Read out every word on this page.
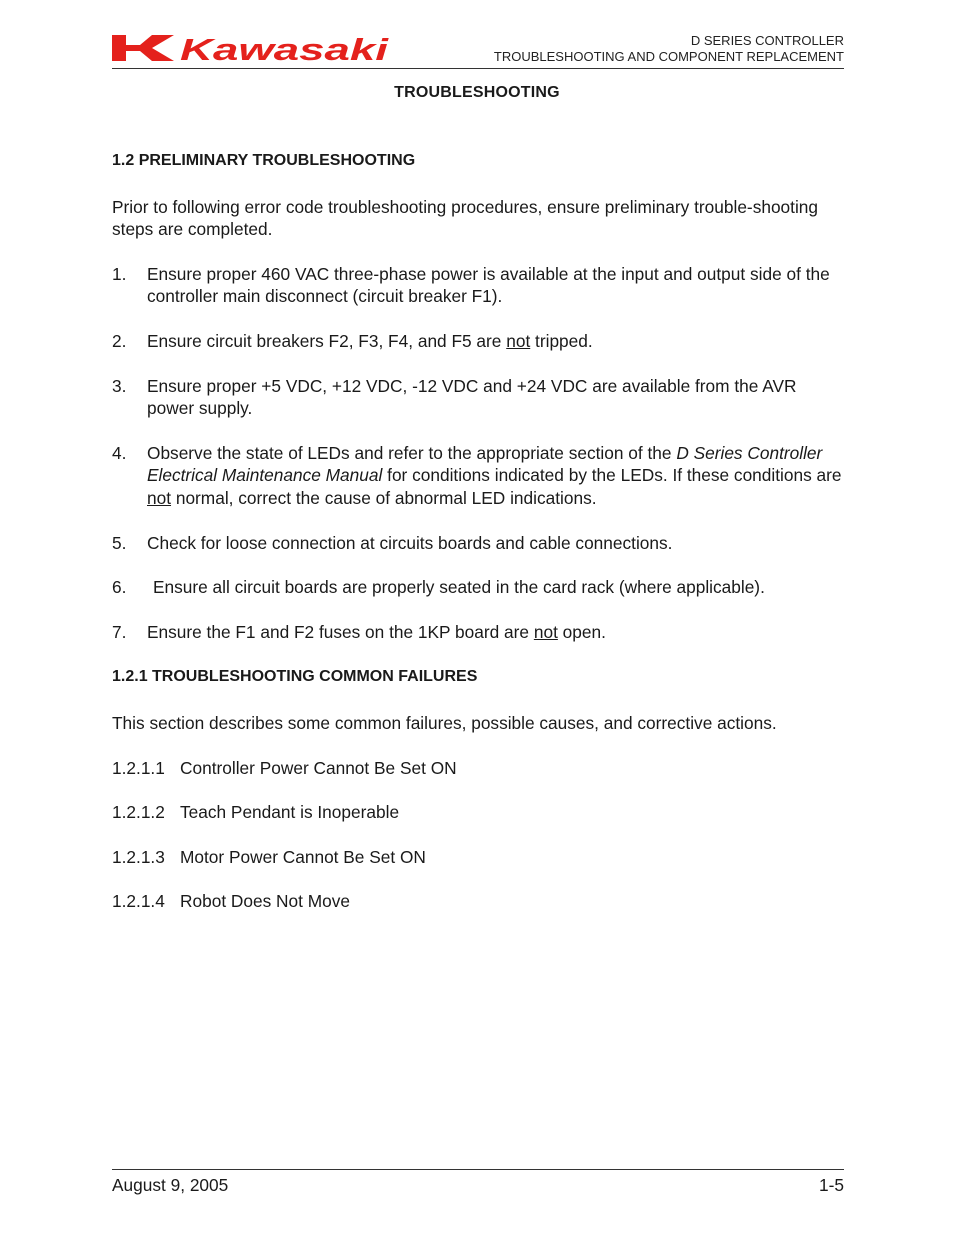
Kawasaki	D SERIES CONTROLLER
TROUBLESHOOTING AND COMPONENT REPLACEMENT
TROUBLESHOOTING
1.2 PRELIMINARY TROUBLESHOOTING

Prior to following error code troubleshooting procedures, ensure preliminary trouble-shooting steps are completed.

1. Ensure proper 460 VAC three-phase power is available at the input and output side of the controller main disconnect (circuit breaker F1).
2. Ensure circuit breakers F2, F3, F4, and F5 are not tripped.
3. Ensure proper +5 VDC, +12 VDC, -12 VDC and +24 VDC are available from the AVR power supply.
4. Observe the state of LEDs and refer to the appropriate section of the D Series Controller Electrical Maintenance Manual for conditions indicated by the LEDs. If these conditions are not normal, correct the cause of abnormal LED indications.
5. Check for loose connection at circuits boards and cable connections.
6. Ensure all circuit boards are properly seated in the card rack (where applicable).
7. Ensure the F1 and F2 fuses on the 1KP board are not open.
1.2.1 TROUBLESHOOTING COMMON FAILURES

This section describes some common failures, possible causes, and corrective actions.

1.2.1.1 Controller Power Cannot Be Set ON
1.2.1.2 Teach Pendant is Inoperable
1.2.1.3 Motor Power Cannot Be Set ON
1.2.1.4 Robot Does Not Move
August 9, 2005	1-5
